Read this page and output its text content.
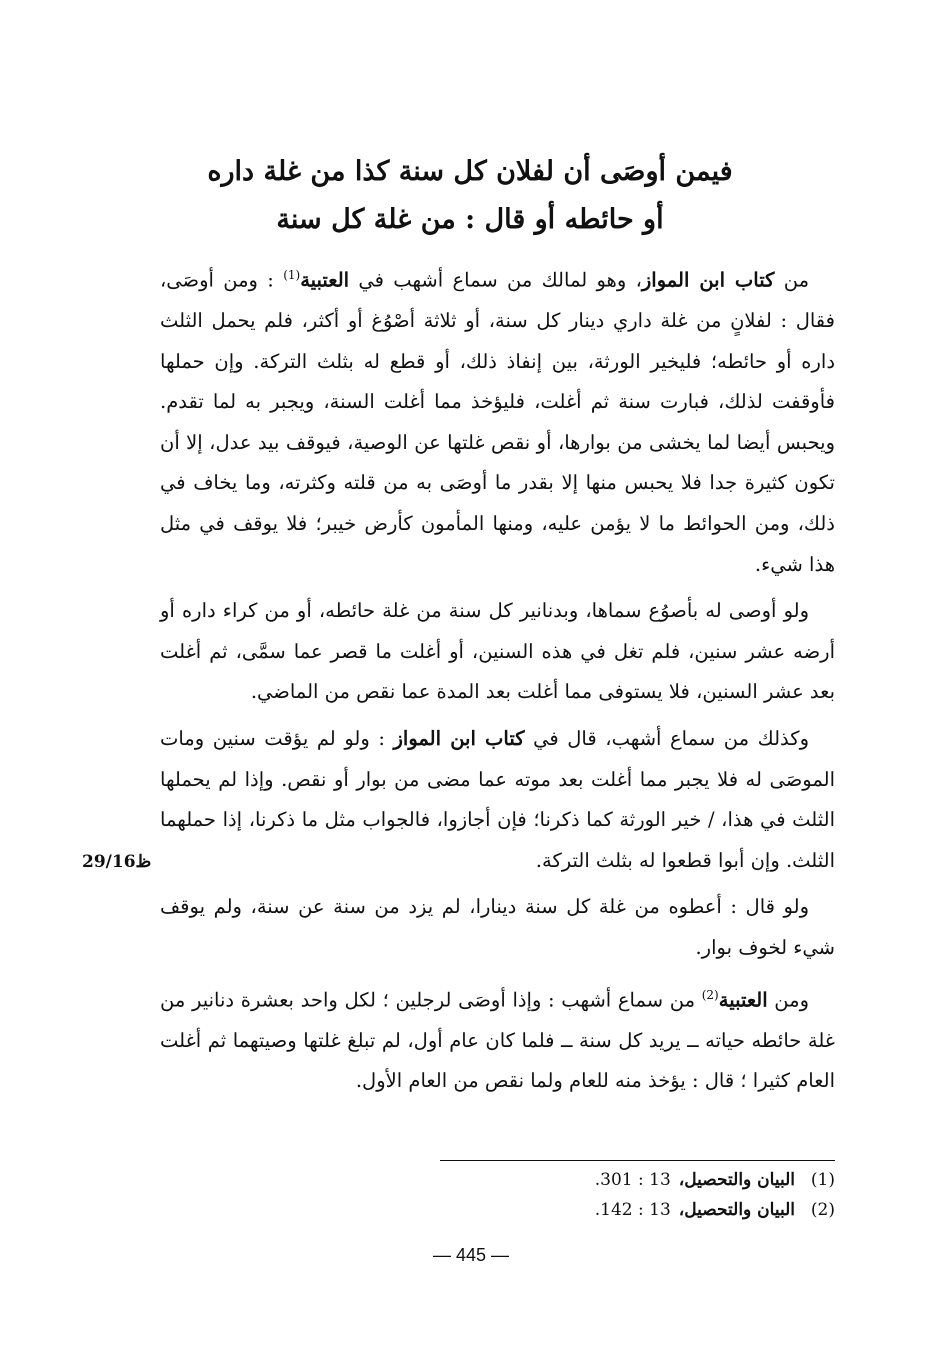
فيمن أوصَى أن لفلان كل سنة كذا من غلة داره
أو حائطه أو قال : من غلة كل سنة

من كتاب ابن المواز، وهو لمالك من سماع أشهب في العتبية$^{(1)}$ : ومن أوصَى، فقال : لفلانٍ من غلة داري دينار كل سنة، أو ثلاثة أصْوُغ أو أكثر، فلم يحمل الثلث داره أو حائطه؛ فليخير الورثة، بين إنفاذ ذلك، أو قطع له بثلث التركة. وإن حملها فأوقفت لذلك، فبارت سنة ثم أغلت، فليؤخذ مما أغلت السنة، ويجبر به لما تقدم. ويحبس أيضا لما يخشى من بوارها، أو نقص غلتها عن الوصية، فيوقف بيد عدل، إلا أن تكون كثيرة جدا فلا يحبس منها إلا بقدر ما أوصَى به من قلته وكثرته، وما يخاف في ذلك، ومن الحوائط ما لا يؤمن عليه، ومنها المأمون كأرض خيبر؛ فلا يوقف في مثل هذا شيء.

ولو أوصى له بأصوُع سماها، وبدنانير كل سنة من غلة حائطه، أو من كراء داره أو أرضه عشر سنين، فلم تغل في هذه السنين، أو أغلت ما قصر عما سمَّى، ثم أغلت بعد عشر السنين، فلا يستوفى مما أغلت بعد المدة عما نقص من الماضي.

وكذلك من سماع أشهب، قال في كتاب ابن المواز : ولو لم يؤقت سنين ومات الموصَى له فلا يجبر مما أغلت بعد موته عما مضى من بوار أو نقص. وإذا لم يحملها الثلث في هذا، / خير الورثة كما ذكرنا؛ فإن أجازوا، فالجواب مثل ما ذكرنا، إذا حملهما الثلث. وإن أبوا قطعوا له بثلث التركة.

ولو قال : أعطوه من غلة كل سنة دينارا، لم يزد من سنة عن سنة، ولم يوقف شيء لخوف بوار.

ومن العتبية$^{(2)}$ من سماع أشهب : وإذا أوصَى لرجلين ؛ لكل واحد بعشرة دنانير من غلة حائطه حياته ــ يريد كل سنة ــ فلما كان عام أول، لم تبلغ غلتها وصيتهما ثم أغلت العام كثيرا ؛ قال : يؤخذ منه للعام ولما نقص من العام الأول.

29/16ظ
(1)
البيان والتحصيل،
13 : 301.
(2)
البيان والتحصيل،
13 : 142.
— 445 —
